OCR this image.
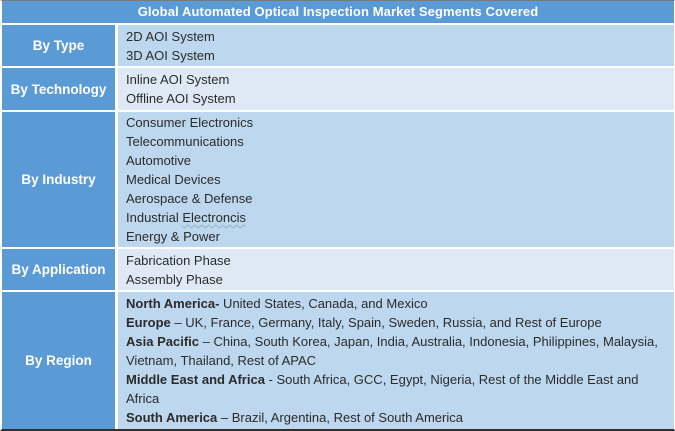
Global Automated Optical Inspection Market Segments Covered
By Type
2D AOI System
3D AOI System
By Technology
Inline AOI System
Offline AOI System
By Industry
Consumer Electronics
Telecommunications
Automotive
Medical Devices
Aerospace & Defense
Industrial Electroncis
Energy & Power
By Application
Fabrication Phase
Assembly Phase
By Region
North America- United States, Canada, and Mexico
Europe – UK, France, Germany, Italy, Spain, Sweden, Russia, and Rest of Europe
Asia Pacific – China, South Korea, Japan, India, Australia, Indonesia, Philippines, Malaysia, Vietnam, Thailand, Rest of APAC
Middle East and Africa - South Africa, GCC, Egypt, Nigeria, Rest of the Middle East and Africa
South America – Brazil, Argentina, Rest of South America
